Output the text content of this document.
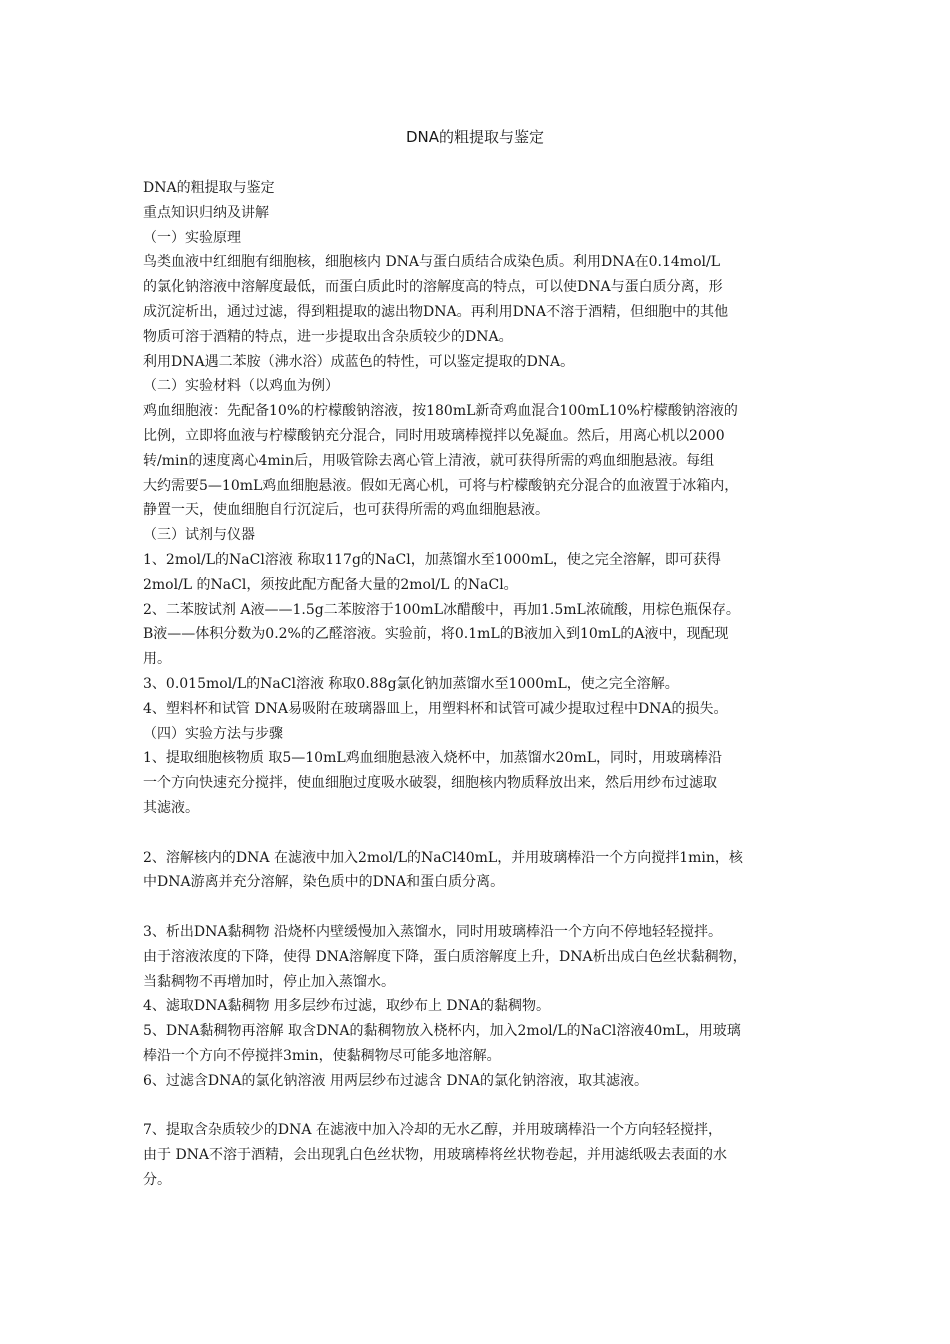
DNA的粗提取与鉴定

DNA的粗提取与鉴定

重点知识归纳及讲解

（一）实验原理

鸟类血液中红细胞有细胞核，细胞核内 DNA与蛋白质结合成染色质。利用DNA在0.14mol/L

的氯化钠溶液中溶解度最低，而蛋白质此时的溶解度高的特点，可以使DNA与蛋白质分离，形

成沉淀析出，通过过滤，得到粗提取的滤出物DNA。再利用DNA不溶于酒精，但细胞中的其他

物质可溶于酒精的特点，进一步提取出含杂质较少的DNA。

利用DNA遇二苯胺（沸水浴）成蓝色的特性，可以鉴定提取的DNA。

（二）实验材料（以鸡血为例）

鸡血细胞液：先配备10%的柠檬酸钠溶液，按180mL新奇鸡血混合100mL10%柠檬酸钠溶液的

比例，立即将血液与柠檬酸钠充分混合，同时用玻璃棒搅拌以免凝血。然后，用离心机以2000

转/min的速度离心4min后，用吸管除去离心管上清液，就可获得所需的鸡血细胞悬液。每组

大约需要5—10mL鸡血细胞悬液。假如无离心机，可将与柠檬酸钠充分混合的血液置于冰箱内，

静置一天，使血细胞自行沉淀后，也可获得所需的鸡血细胞悬液。

（三）试剂与仪器

1、2mol/L的NaCl溶液 称取117g的NaCl，加蒸馏水至1000mL，使之完全溶解，即可获得

2mol/L 的NaCl，须按此配方配备大量的2mol/L 的NaCl。

2、二苯胺试剂 A液——1.5g二苯胺溶于100mL冰醋酸中，再加1.5mL浓硫酸，用棕色瓶保存。

B液——体积分数为0.2%的乙醛溶液。实验前，将0.1mL的B液加入到10mL的A液中，现配现

用。

3、0.015mol/L的NaCl溶液 称取0.88g氯化钠加蒸馏水至1000mL，使之完全溶解。

4、塑料杯和试管 DNA易吸附在玻璃器皿上，用塑料杯和试管可减少提取过程中DNA的损失。

（四）实验方法与步骤

1、提取细胞核物质 取5—10mL鸡血细胞悬液入烧杯中，加蒸馏水20mL，同时，用玻璃棒沿

一个方向快速充分搅拌，使血细胞过度吸水破裂，细胞核内物质释放出来，然后用纱布过滤取

其滤液。

2、溶解核内的DNA 在滤液中加入2mol/L的NaCl40mL，并用玻璃棒沿一个方向搅拌1min，核

中DNA游离并充分溶解，染色质中的DNA和蛋白质分离。

3、析出DNA黏稠物 沿烧杯内壁缓慢加入蒸馏水，同时用玻璃棒沿一个方向不停地轻轻搅拌。

由于溶液浓度的下降，使得 DNA溶解度下降，蛋白质溶解度上升，DNA析出成白色丝状黏稠物，

当黏稠物不再增加时，停止加入蒸馏水。

4、滤取DNA黏稠物 用多层纱布过滤，取纱布上 DNA的黏稠物。

5、DNA黏稠物再溶解 取含DNA的黏稠物放入桡杯内，加入2mol/L的NaCl溶液40mL，用玻璃

棒沿一个方向不停搅拌3min，使黏稠物尽可能多地溶解。

6、过滤含DNA的氯化钠溶液 用两层纱布过滤含 DNA的氯化钠溶液，取其滤液。

7、提取含杂质较少的DNA 在滤液中加入冷却的无水乙醇，并用玻璃棒沿一个方向轻轻搅拌，

由于 DNA不溶于酒精，会出现乳白色丝状物，用玻璃棒将丝状物卷起，并用滤纸吸去表面的水

分。
